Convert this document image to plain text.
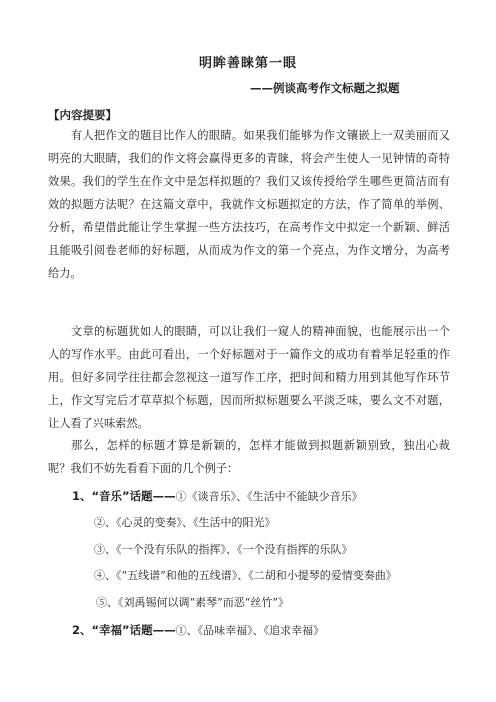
明眸善睐第一眼
——例谈高考作文标题之拟题
【内容提要】

有人把作文的题目比作人的眼睛。如果我们能够为作文镶嵌上一双美丽而又明亮的大眼睛，我们的作文将会赢得更多的青睐，将会产生使人一见钟情的奇特效果。我们的学生在作文中是怎样拟题的？我们又该传授给学生哪些更简洁而有效的拟题方法呢？在这篇文章中，我就作文标题拟定的方法，作了简单的举例、分析，希望借此能让学生掌握一些方法技巧，在高考作文中拟定一个新颖、鲜活且能吸引阅卷老师的好标题，从而成为作文的第一个亮点，为作文增分，为高考给力。

文章的标题犹如人的眼睛，可以让我们一窥人的精神面貌，也能展示出一个人的写作水平。由此可看出，一个好标题对于一篇作文的成功有着举足轻重的作用。但好多同学往往都会忽视这一道写作工序，把时间和精力用到其他写作环节上，作文写完后才草草拟个标题，因而所拟标题要么平淡乏味，要么文不对题，让人看了兴味索然。

那么，怎样的标题才算是新颖的，怎样才能做到拟题新颖别致，独出心裁呢？我们不妨先看看下面的几个例子：

1、“音乐”话题——①《谈音乐》、《生活中不能缺少音乐》
②、《心灵的变奏》、《生活中的阳光》
③、《一个没有乐队的指挥》、《一个没有指挥的乐队》
④、《“五线谱”和他的五线谱》、《二胡和小提琴的爱情变奏曲》
⑤、《刘禹锡何以调“素琴”而恶“丝竹”》
2、“幸福”话题——①、《品味幸福》、《追求幸福》
